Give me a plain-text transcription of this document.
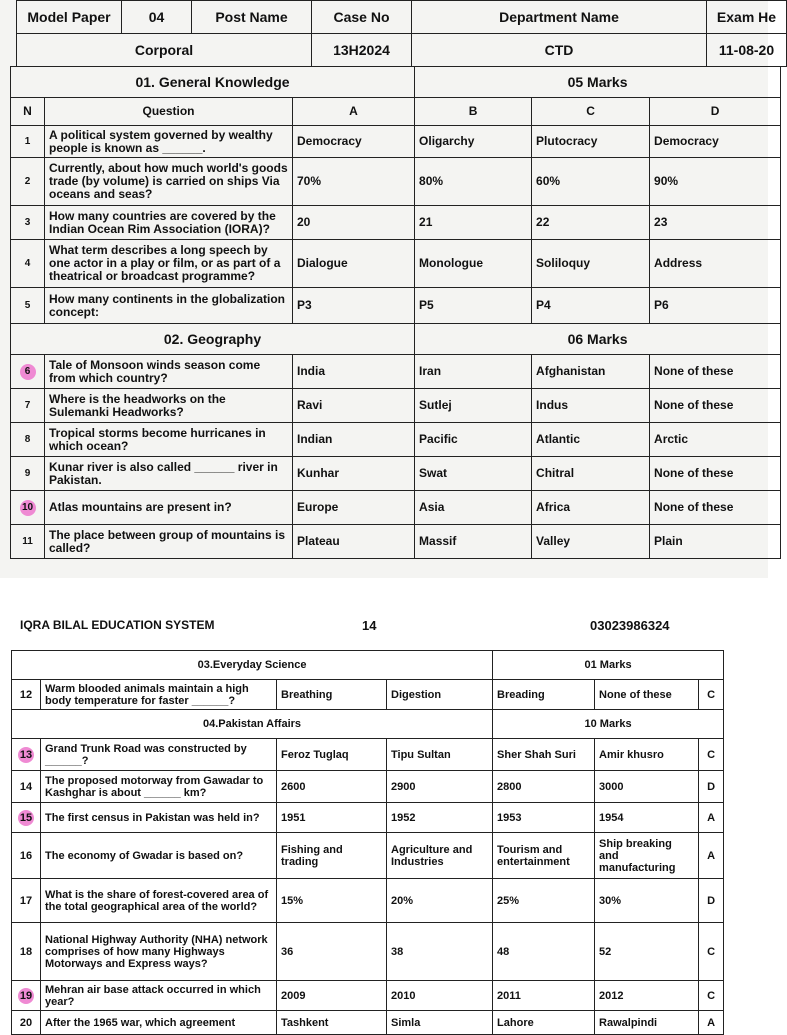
Model Paper	04	Post Name	Case No	Department Name	Exam He
Corporal			13H2024	CTD	11-08-20
01. General Knowledge			05 Marks		
N	Question	A	B	C	D
1	A political system governed by wealthy people is known as ______.	Democracy	Oligarchy	Plutocracy	Democracy
2	Currently, about how much world's goods trade (by volume) is carried on ships Via oceans and seas?	70%	80%	60%	90%
3	How many countries are covered by the Indian Ocean Rim Association (IORA)?	20	21	22	23
4	What term describes a long speech by one actor in a play or film, or as part of a theatrical or broadcast programme?	Dialogue	Monologue	Soliloquy	Address
5	How many continents in the globalization concept:	P3	P5	P4	P6
02. Geography			06 Marks		
6	Tale of Monsoon winds season come from which country?	India	Iran	Afghanistan	None of these
7	Where is the headworks on the Sulemanki Headworks?	Ravi	Sutlej	Indus	None of these
8	Tropical storms become hurricanes in which ocean?	Indian	Pacific	Atlantic	Arctic
9	Kunar river is also called ______ river in Pakistan.	Kunhar	Swat	Chitral	None of these
10	Atlas mountains are present in?	Europe	Asia	Africa	None of these
11	The place between group of mountains is called?	Plateau	Massif	Valley	Plain
03.Everyday Science				01 Marks		
12	Warm blooded animals maintain a high body temperature for faster ______?	Breathing	Digestion	Breading	None of these	C
04.Pakistan Affairs				10 Marks		
13	Grand Trunk Road was constructed by ______?	Feroz Tuglaq	Tipu Sultan	Sher Shah Suri	Amir khusro	C
14	The proposed motorway from Gawadar to Kashghar is about ______ km?	2600	2900	2800	3000	D
15	The first census in Pakistan was held in?	1951	1952	1953	1954	A
16	The economy of Gwadar is based on?	Fishing and trading	Agriculture and Industries	Tourism and entertainment	Ship breaking and manufacturing	A
17	What is the share of forest-covered area of the total geographical area of the world?	15%	20%	25%	30%	D
18	National Highway Authority (NHA) network comprises of how many Highways Motorways and Express ways?	36	38	48	52	C
19	Mehran air base attack occurred in which year?	2009	2010	2011	2012	C
20	After the 1965 war, which agreement	Tashkent	Simla	Lahore	Rawalpindi	A
IQRA BILAL EDUCATION SYSTEM	14	03023986324
